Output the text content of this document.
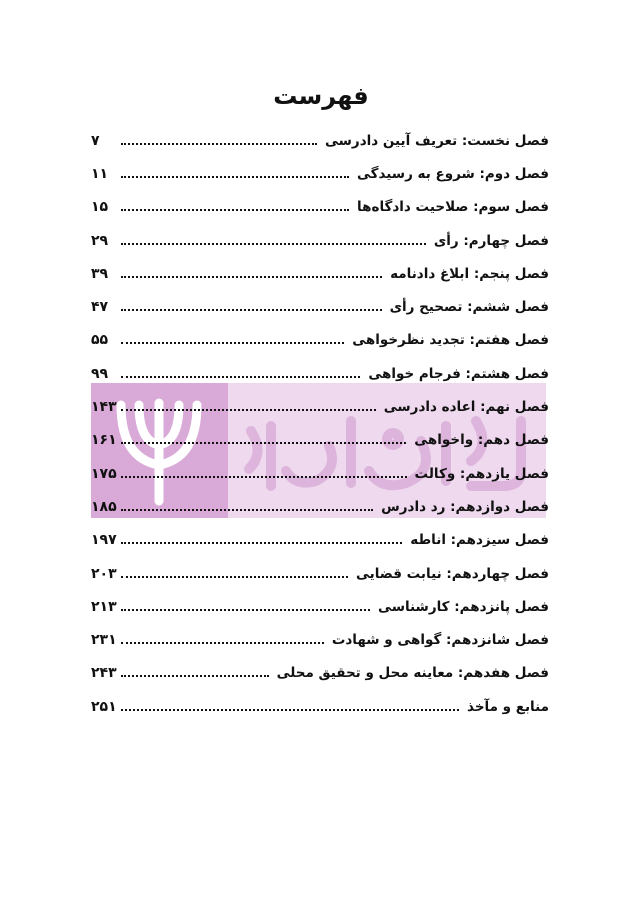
فهرست
فصل نخست: تعریف آیین دادرسی
۷
فصل دوم: شروع به رسیدگی
۱۱
فصل سوم: صلاحیت دادگاه‌ها
۱۵
فصل چهارم: رأی
۲۹
فصل پنجم: ابلاغ دادنامه
۳۹
فصل ششم: تصحیح رأی
۴۷
فصل هفتم: تجدید نظرخواهی
۵۵
فصل هشتم: فرجام خواهی
۹۹
فصل نهم: اعاده دادرسی
۱۴۳
فصل دهم: واخواهی
۱۶۱
فصل یازدهم: وکالت
۱۷۵
فصل دوازدهم: رد دادرس
۱۸۵
فصل سیزدهم: اناطه
۱۹۷
فصل چهاردهم: نیابت قضایی
۲۰۳
فصل پانزدهم: کارشناسی
۲۱۳
فصل شانزدهم: گواهی و شهادت
۲۳۱
فصل هفدهم: معاینه محل و تحقیق محلی
۲۴۳
منابع و مآخذ
۲۵۱
